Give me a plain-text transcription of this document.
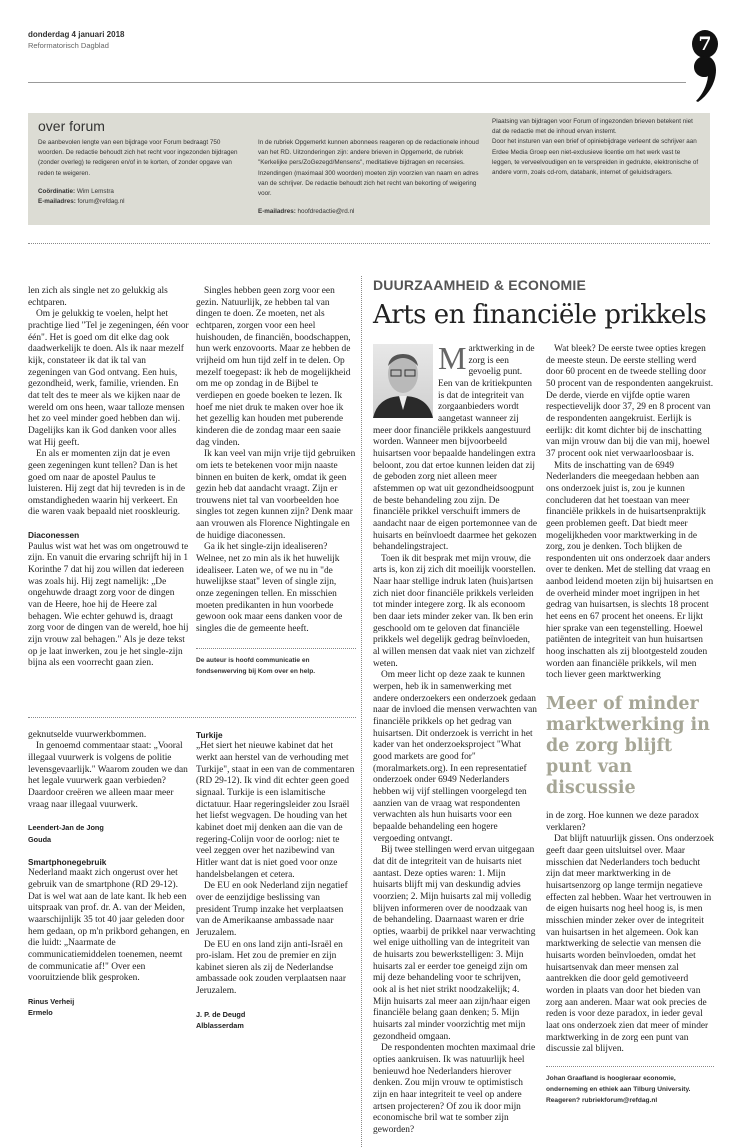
donderdag 4 januari 2018
Reformatorisch Dagblad	7
over forum
De aanbevolen lengte van een bijdrage voor Forum bedraagt 750 woorden. De redactie behoudt zich het recht voor ingezonden bijdragen (zonder overleg) te redigeren en/of in te korten, of zonder opgave van reden te weigeren.
Coördinatie: Wim Lemstra
E-mailadres: forum@refdag.nl
In de rubriek Opgemerkt kunnen abonnees reageren op de redactionele inhoud van het RD. Uitzonderingen zijn: andere brieven in Opgemerkt, de rubriek "Kerkelijke pers/ZoGezegd/Mensens", meditatieve bijdragen en recensies. Inzendingen (maximaal 300 woorden) moeten zijn voorzien van naam en adres van de schrijver. De redactie behoudt zich het recht van bekorting of weigering voor.
E-mailadres: hoofdredactie@rd.nl
Plaatsing van bijdragen voor Forum of ingezonden brieven betekent niet dat de redactie met de inhoud ervan instemt.
Door het insturen van een brief of opiniebijdrage verleent de schrijver aan Erdee Media Groep een niet-exclusieve licentie om het werk vast te leggen, te verveelvoudigen en te verspreiden in gedrukte, elektronische of andere vorm, zoals cd-rom, databank, internet of geluidsdragers.

len zich als single net zo gelukkig als echtparen.

Om je gelukkig te voelen, helpt het prachtige lied "Tel je zegeningen, één voor één". Het is goed om dit elke dag ook daadwerkelijk te doen. Als ik naar mezelf kijk, constateer ik dat ik tal van zegeningen van God ontvang. Een huis, gezondheid, werk, familie, vrienden. En dat telt des te meer als we kijken naar de wereld om ons heen, waar talloze mensen het zo veel minder goed hebben dan wij. Dagelijks kan ik God danken voor alles wat Hij geeft.

En als er momenten zijn dat je even geen zegeningen kunt tellen? Dan is het goed om naar de apostel Paulus te luisteren. Hij zegt dat hij tevreden is in de omstandigheden waarin hij verkeert. En die waren vaak bepaald niet rooskleurig.

Diaconessen

Paulus wist wat het was om ongetrouwd te zijn. En vanuit die ervaring schrijft hij in 1 Korinthe 7 dat hij zou willen dat iedereen was zoals hij. Hij zegt namelijk: „De ongehuwde draagt zorg voor de dingen van de Heere, hoe hij de Heere zal behagen. Wie echter gehuwd is, draagt zorg voor de dingen van de wereld, hoe hij zijn vrouw zal behagen." Als je deze tekst op je laat inwerken, zou je het single-zijn bijna als een voorrecht gaan zien.

Singles hebben geen zorg voor een gezin. Natuurlijk, ze hebben tal van dingen te doen. Ze moeten, net als echtparen, zorgen voor een heel huishouden, de financiën, boodschappen, hun werk enzovoorts. Maar ze hebben de vrijheid om hun tijd zelf in te delen. Op mezelf toegepast: ik heb de mogelijkheid om me op zondag in de Bijbel te verdiepen en goede boeken te lezen. Ik hoef me niet druk te maken over hoe ik het gezellig kan houden met puberende kinderen die de zondag maar een saaie dag vinden.

Ik kan veel van mijn vrije tijd gebruiken om iets te betekenen voor mijn naaste binnen en buiten de kerk, omdat ik geen gezin heb dat aandacht vraagt. Zijn er trouwens niet tal van voorbeelden hoe singles tot zegen kunnen zijn? Denk maar aan vrouwen als Florence Nightingale en de huidige diaconessen.

Ga ik het single-zijn idealiseren? Welnee, net zo min als ik het huwelijk idealiseer. Laten we, of we nu in "de huwelijkse staat" leven of single zijn, onze zegeningen tellen. En misschien moeten predikanten in hun voorbede gewoon ook maar eens danken voor de singles die de gemeente heeft.

De auteur is hoofd communicatie en fondsenwerving bij Kom over en help.

geknutselde vuurwerkbommen.

In genoemd commentaar staat: „Vooral illegaal vuurwerk is volgens de politie levensgevaarlijk." Waarom zouden we dan het legale vuurwerk gaan verbieden? Daardoor creëren we alleen maar meer vraag naar illegaal vuurwerk.

Leendert-Jan de Jong
Gouda
Smartphonegebruik

Nederland maakt zich ongerust over het gebruik van de smartphone (RD 29-12). Dat is wel wat aan de late kant. Ik heb een uitspraak van prof. dr. A. van der Meiden, waarschijnlijk 35 tot 40 jaar geleden door hem gedaan, op m'n prikbord gehangen, en die luidt: „Naarmate de communicatiemiddelen toenemen, neemt de communicatie af!" Over een vooruitziende blik gesproken.

Rinus Verheij
Ermelo
Turkije

„Het siert het nieuwe kabinet dat het werkt aan herstel van de verhouding met Turkije", staat in een van de commentaren (RD 29-12). Ik vind dit echter geen goed signaal. Turkije is een islamitische dictatuur. Haar regeringsleider zou Israël het liefst wegvagen. De houding van het kabinet doet mij denken aan die van de regering-Colijn voor de oorlog: niet te veel zeggen over het nazibewind van Hitler want dat is niet goed voor onze handelsbelangen et cetera.

De EU en ook Nederland zijn negatief over de eenzijdige beslissing van president Trump inzake het verplaatsen van de Amerikaanse ambassade naar Jeruzalem.

De EU en ons land zijn anti-Israël en pro-islam. Het zou de premier en zijn kabinet sieren als zij de Nederlandse ambassade ook zouden verplaatsen naar Jeruzalem.

J. P. de Deugd
Alblasserdam
DUURZAAMHEID & ECONOMIE
Arts en financiële prikkels

Marktwerking in de zorg is een gevoelig punt. Een van de kritiekpunten is dat de integriteit van zorgaanbieders wordt aangetast wanneer zij meer door financiële prikkels aangestuurd worden. Wanneer men bijvoorbeeld huisartsen voor bepaalde handelingen extra beloont, zou dat ertoe kunnen leiden dat zij de geboden zorg niet alleen meer afstemmen op wat uit gezondheidsoogpunt de beste behandeling zou zijn. De financiële prikkel verschuift immers de aandacht naar de eigen portemonnee van de huisarts en beïnvloedt daarmee het gekozen behandelingstraject.

Toen ik dit besprak met mijn vrouw, die arts is, kon zij zich dit moeilijk voorstellen. Naar haar stellige indruk laten (huis)artsen zich niet door financiële prikkels verleiden tot minder integere zorg. Ik als econoom ben daar iets minder zeker van. Ik ben erin geschoold om te geloven dat financiële prikkels wel degelijk gedrag beïnvloeden, al willen mensen dat vaak niet van zichzelf weten.

Om meer licht op deze zaak te kunnen werpen, heb ik in samenwerking met andere onderzoekers een onderzoek gedaan naar de invloed die mensen verwachten van financiële prikkels op het gedrag van huisartsen. Dit onderzoek is verricht in het kader van het onderzoeksproject "What good markets are good for" (moralmarkets.org). In een representatief onderzoek onder 6949 Nederlanders hebben wij vijf stellingen voorgelegd ten aanzien van de vraag wat respondenten verwachten als hun huisarts voor een bepaalde behandeling een hogere vergoeding ontvangt.

Bij twee stellingen werd ervan uitgegaan dat dit de integriteit van de huisarts niet aantast. Deze opties waren: 1. Mijn huisarts blijft mij van deskundig advies voorzien; 2. Mijn huisarts zal mij volledig blijven informeren over de noodzaak van de behandeling. Daarnaast waren er drie opties, waarbij de prikkel naar verwachting wel enige uitholling van de integriteit van de huisarts zou bewerkstelligen: 3. Mijn huisarts zal er eerder toe geneigd zijn om mij deze behandeling voor te schrijven, ook al is het niet strikt noodzakelijk; 4. Mijn huisarts zal meer aan zijn/haar eigen financiële belang gaan denken; 5. Mijn huisarts zal minder voorzichtig met mijn gezondheid omgaan.

De respondenten mochten maximaal drie opties aankruisen. Ik was natuurlijk heel benieuwd hoe Nederlanders hierover denken. Zou mijn vrouw te optimistisch zijn en haar integriteit te veel op andere artsen projecteren? Of zou ik door mijn economische bril wat te somber zijn geworden?

Wat bleek? De eerste twee opties kregen de meeste steun. De eerste stelling werd door 60 procent en de tweede stelling door 50 procent van de respondenten aangekruist. De derde, vierde en vijfde optie waren respectievelijk door 37, 29 en 8 procent van de respondenten aangekruist. Eerlijk is eerlijk: dit komt dichter bij de inschatting van mijn vrouw dan bij die van mij, hoewel 37 procent ook niet verwaarloosbaar is.

Mits de inschatting van de 6949 Nederlanders die meegedaan hebben aan ons onderzoek juist is, zou je kunnen concluderen dat het toestaan van meer financiële prikkels in de huisartsenpraktijk geen problemen geeft. Dat biedt meer mogelijkheden voor marktwerking in de zorg, zou je denken. Toch blijken de respondenten uit ons onderzoek daar anders over te denken. Met de stelling dat vraag en aanbod leidend moeten zijn bij huisartsen en de overheid minder moet ingrijpen in het gedrag van huisartsen, is slechts 18 procent het eens en 67 procent het oneens. Er lijkt hier sprake van een tegenstelling. Hoewel patiënten de integriteit van hun huisartsen hoog inschatten als zij blootgesteld zouden worden aan financiële prikkels, wil men toch liever geen marktwerking

Meer of minder marktwerking in de zorg blijft punt van discussie

in de zorg. Hoe kunnen we deze paradox verklaren?

Dat blijft natuurlijk gissen. Ons onderzoek geeft daar geen uitsluitsel over. Maar misschien dat Nederlanders toch beducht zijn dat meer marktwerking in de huisartsenzorg op lange termijn negatieve effecten zal hebben. Waar het vertrouwen in de eigen huisarts nog heel hoog is, is men misschien minder zeker over de integriteit van huisartsen in het algemeen. Ook kan marktwerking de selectie van mensen die huisarts worden beïnvloeden, omdat het huisartsenvak dan meer mensen zal aantrekken die door geld gemotiveerd worden in plaats van door het bieden van zorg aan anderen. Maar wat ook precies de reden is voor deze paradox, in ieder geval laat ons onderzoek zien dat meer of minder marktwerking in de zorg een punt van discussie zal blijven.

Johan Graafland is hoogleraar economie, onderneming en ethiek aan Tilburg University.
Reageren? rubriekforum@refdag.nl
